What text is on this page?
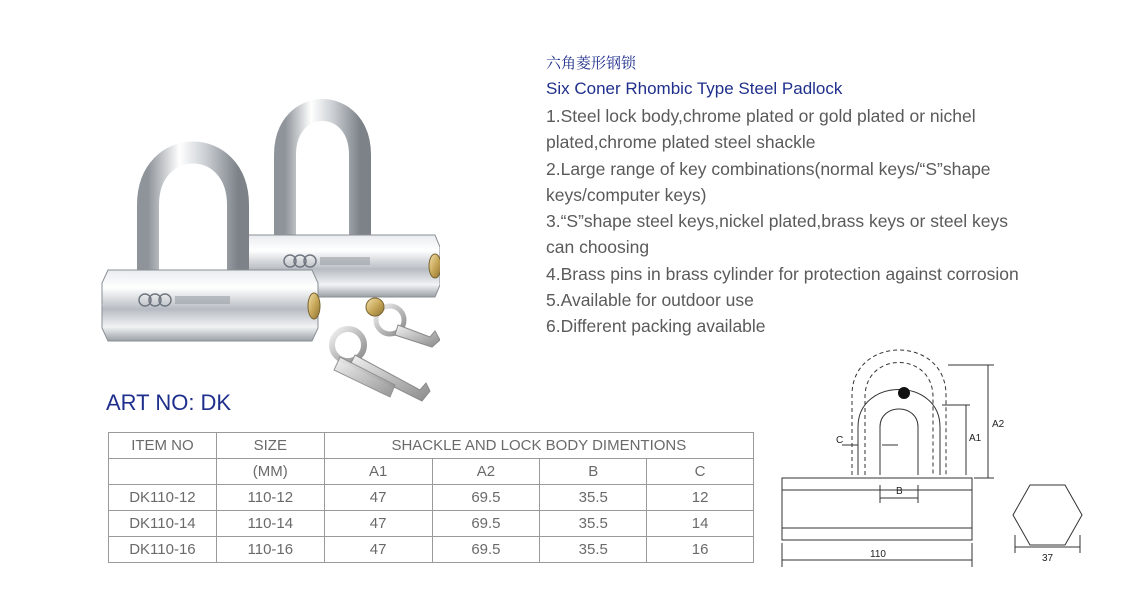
六角菱形钢锁
Six Coner Rhombic Type Steel Padlock
1.Steel lock body,chrome plated or gold plated or nichel
plated,chrome plated steel shackle
2.Large range of key combinations(normal keys/“S”shape
keys/computer keys)
3.“S”shape steel keys,nickel plated,brass keys or steel keys
can choosing
4.Brass pins in brass cylinder for protection against corrosion
5.Available for outdoor use
6.Different packing available
ART NO: DK
ITEM NO	SIZE	SHACKLE AND LOCK BODY DIMENTIONS			
	(MM)	A1	A2	B	C
DK110-12	110-12	47	69.5	35.5	12
DK110-14	110-14	47	69.5	35.5	14
DK110-16	110-16	47	69.5	35.5	16
C
A2
A1
B
110	37
